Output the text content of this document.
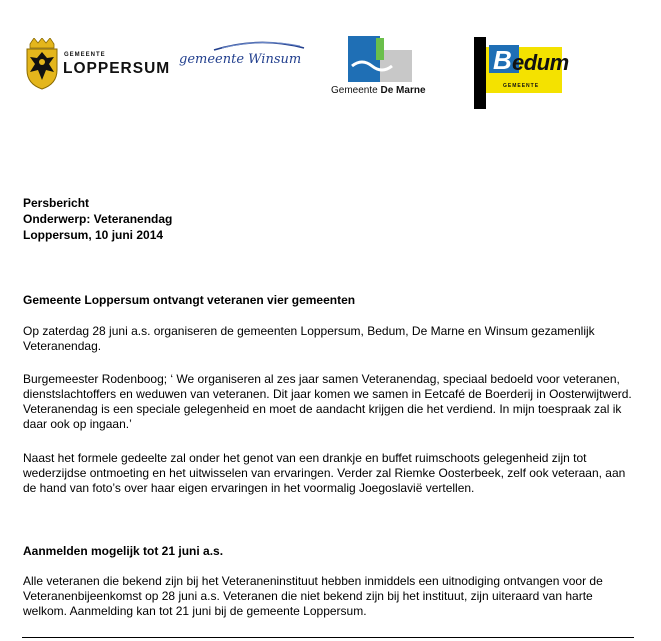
GEMEENTE
LOPPERSUM
gemeente Winsum
Gemeente De Marne
B edum
GEMEENTE
Persbericht
Onderwerp: Veteranendag
Loppersum, 10 juni 2014

Gemeente Loppersum ontvangt veteranen vier gemeenten

Op zaterdag 28 juni a.s. organiseren de gemeenten Loppersum, Bedum, De Marne en Winsum gezamenlijk Veteranendag.

Burgemeester Rodenboog; ‘ We organiseren al zes jaar samen Veteranendag, speciaal bedoeld voor veteranen, dienstslachtoffers en weduwen van veteranen. Dit jaar komen we samen in Eetcafé de Boerderij in Oosterwijtwerd. Veteranendag is een speciale gelegenheid en moet de aandacht krijgen die het verdiend. In mijn toespraak zal ik daar ook op ingaan.’

Naast het formele gedeelte zal onder het genot van een drankje en buffet ruimschoots gelegenheid zijn tot wederzijdse ontmoeting en het uitwisselen van ervaringen. Verder zal Riemke Oosterbeek, zelf ook veteraan, aan de hand van foto’s over haar eigen ervaringen in het voormalig Joegoslavië vertellen.

Aanmelden mogelijk tot 21 juni a.s.

Alle veteranen die bekend zijn bij het Veteraneninstituut hebben inmiddels een uitnodiging ontvangen voor de Veteranenbijeenkomst op 28 juni a.s. Veteranen die niet bekend zijn bij het instituut, zijn uiteraard van harte welkom. Aanmelding kan tot 21 juni bij de gemeente Loppersum.
